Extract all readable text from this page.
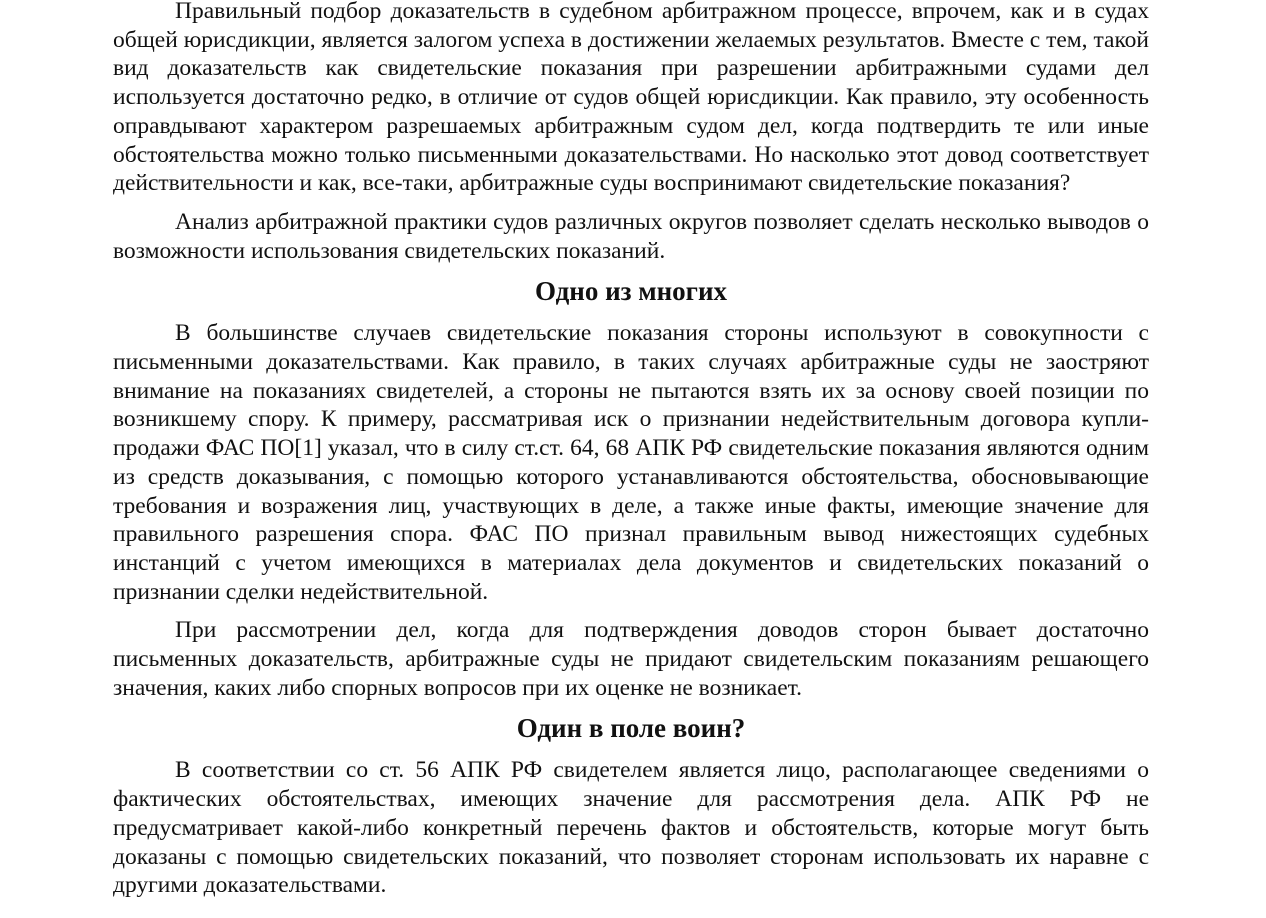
Правильный подбор доказательств в судебном арбитражном процессе, впрочем, как и в судах общей юрисдикции, является залогом успеха в достижении желаемых результатов. Вместе с тем, такой вид доказательств как свидетельские показания при разрешении арбитражными судами дел используется достаточно редко, в отличие от судов общей юрисдикции. Как правило, эту особенность оправдывают характером разрешаемых арбитражным судом дел, когда подтвердить те или иные обстоятельства можно только письменными доказательствами. Но насколько этот довод соответствует действительности и как, все-таки, арбитражные суды воспринимают свидетельские показания?

Анализ арбитражной практики судов различных округов позволяет сделать несколько выводов о возможности использования свидетельских показаний.

Одно из многих

В большинстве случаев свидетельские показания стороны используют в совокупности с письменными доказательствами. Как правило, в таких случаях арбитражные суды не заостряют внимание на показаниях свидетелей, а стороны не пытаются взять их за основу своей позиции по возникшему спору. К примеру, рассматривая иск о признании недействительным договора купли-продажи ФАС ПО[1] указал, что в силу ст.ст. 64, 68 АПК РФ свидетельские показания являются одним из средств доказывания, с помощью которого устанавливаются обстоятельства, обосновывающие требования и возражения лиц, участвующих в деле, а также иные факты, имеющие значение для правильного разрешения спора. ФАС ПО признал правильным вывод нижестоящих судебных инстанций с учетом имеющихся в материалах дела документов и свидетельских показаний о признании сделки недействительной.

При рассмотрении дел, когда для подтверждения доводов сторон бывает достаточно письменных доказательств, арбитражные суды не придают свидетельским показаниям решающего значения, каких либо спорных вопросов при их оценке не возникает.

Один в поле воин?

В соответствии со ст. 56 АПК РФ свидетелем является лицо, располагающее сведениями о фактических обстоятельствах, имеющих значение для рассмотрения дела. АПК РФ не предусматривает какой-либо конкретный перечень фактов и обстоятельств, которые могут быть доказаны с помощью свидетельских показаний, что позволяет сторонам использовать их наравне с другими доказательствами.
